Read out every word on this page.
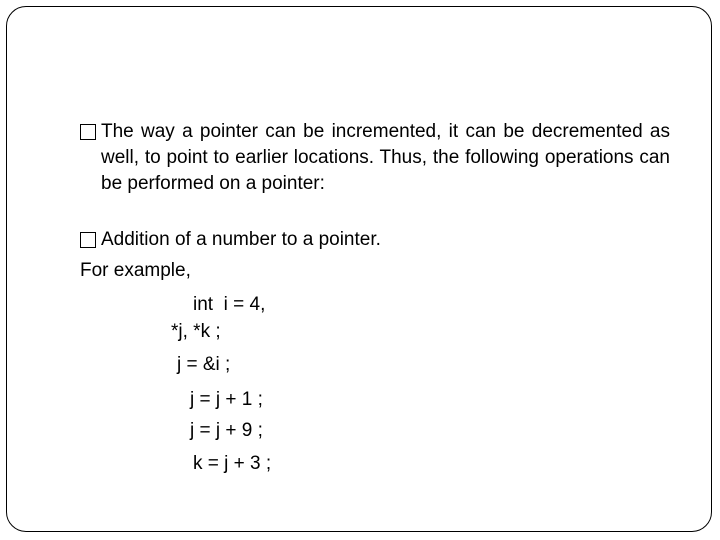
The way a pointer can be incremented, it can be decremented as well, to point to earlier locations. Thus, the following operations can be performed on a pointer:
Addition of a number to a pointer.
For example,
int  i = 4,
*j, *k ;
j = &i ;
j = j + 1 ;
j = j + 9 ;
k = j + 3 ;
